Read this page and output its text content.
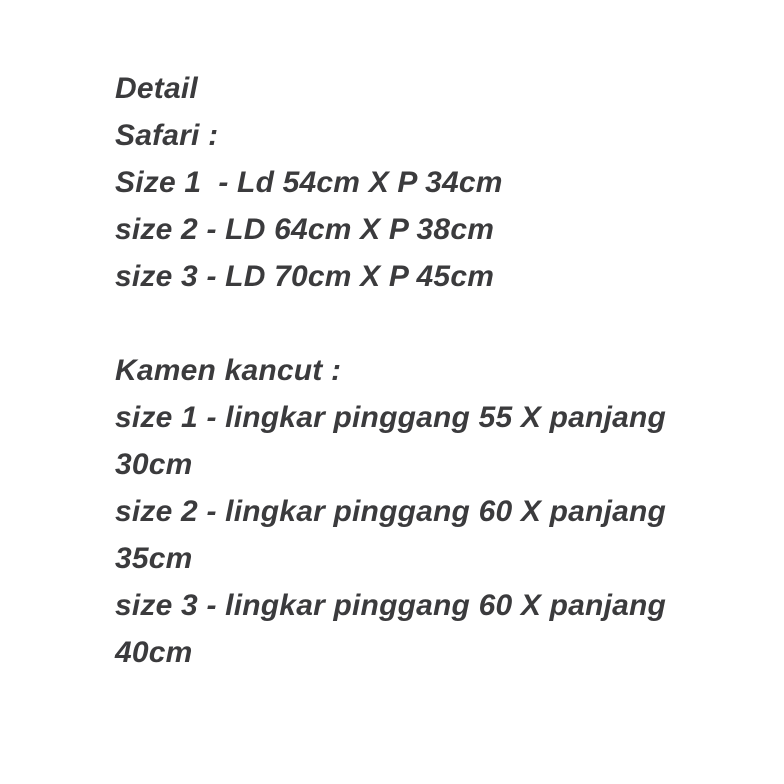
Detail
Safari :
Size 1  - Ld 54cm X P 34cm
size 2 - LD 64cm X P 38cm
size 3 - LD 70cm X P 45cm
Kamen kancut :
size 1 - lingkar pinggang 55 X panjang
30cm
size 2 - lingkar pinggang 60 X panjang
35cm
size 3 - lingkar pinggang 60 X panjang
40cm
